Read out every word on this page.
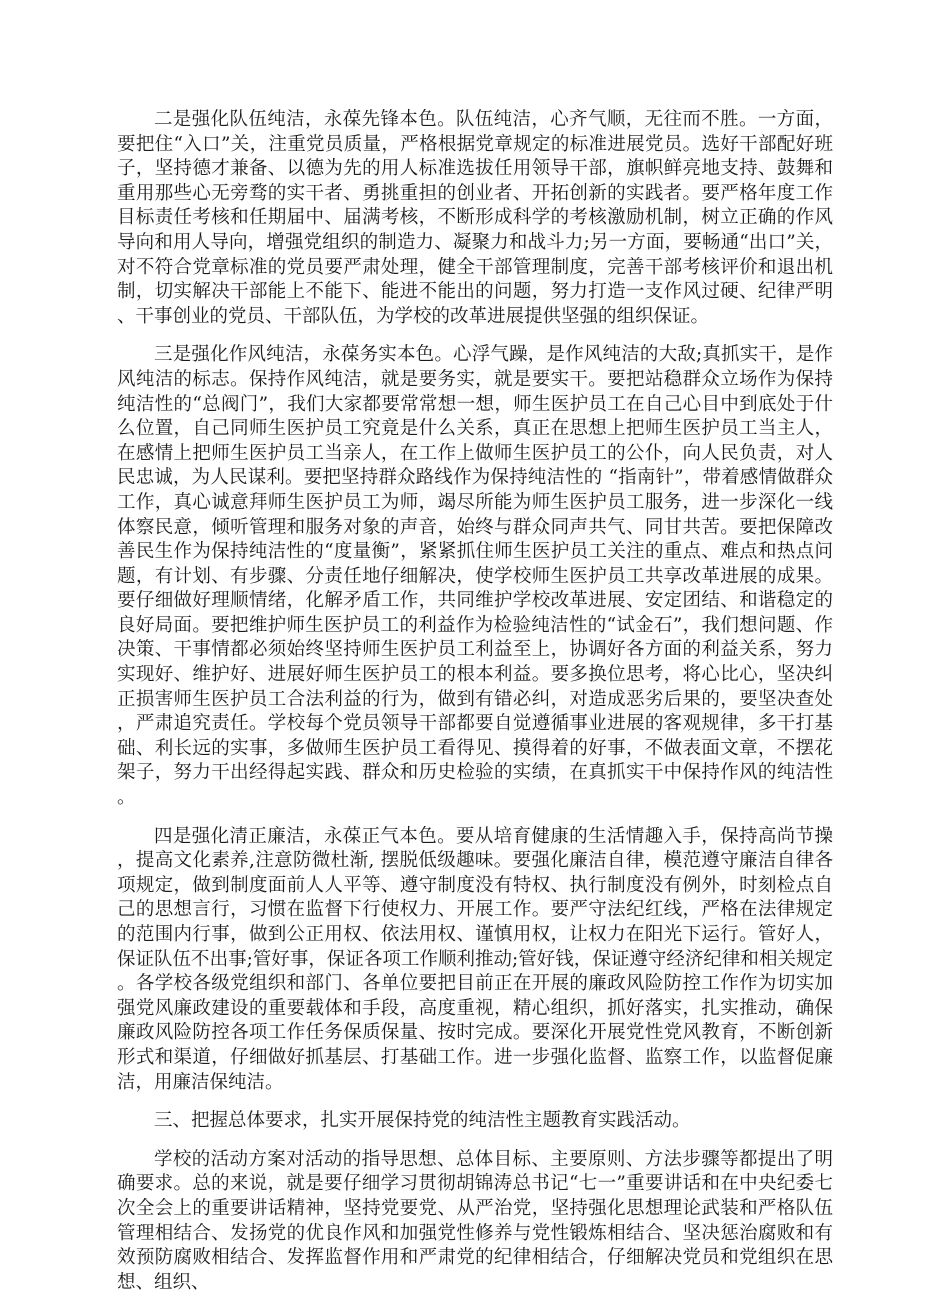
二是强化队伍纯洁，永葆先锋本色。队伍纯洁，心齐气顺，无往而不胜。一方面，要把住“入口”关，注重党员质量，严格根据党章规定的标准进展党员。选好干部配好班子，坚持德才兼备、以德为先的用人标准选拔任用领导干部，旗帜鲜亮地支持、鼓舞和重用那些心无旁骛的实干者、勇挑重担的创业者、开拓创新的实践者。要严格年度工作目标责任考核和任期届中、届满考核，不断形成科学的考核激励机制，树立正确的作风导向和用人导向，增强党组织的制造力、凝聚力和战斗力;另一方面，要畅通“出口”关，对不符合党章标准的党员要严肃处理，健全干部管理制度，完善干部考核评价和退出机制，切实解决干部能上不能下、能进不能出的问题，努力打造一支作风过硬、纪律严明、干事创业的党员、干部队伍，为学校的改革进展提供坚强的组织保证。

三是强化作风纯洁，永葆务实本色。心浮气躁，是作风纯洁的大敌;真抓实干，是作风纯洁的标志。保持作风纯洁，就是要务实，就是要实干。要把站稳群众立场作为保持纯洁性的“总阀门”，我们大家都要常常想一想，师生医护员工在自己心目中到底处于什么位置，自己同师生医护员工究竟是什么关系，真正在思想上把师生医护员工当主人，在感情上把师生医护员工当亲人，在工作上做师生医护员工的公仆，向人民负责，对人民忠诚，为人民谋利。要把坚持群众路线作为保持纯洁性的 “指南针”，带着感情做群众工作，真心诚意拜师生医护员工为师，竭尽所能为师生医护员工服务，进一步深化一线体察民意，倾听管理和服务对象的声音，始终与群众同声共气、同甘共苦。要把保障改善民生作为保持纯洁性的“度量衡”，紧紧抓住师生医护员工关注的重点、难点和热点问题，有计划、有步骤、分责任地仔细解决，使学校师生医护员工共享改革进展的成果。要仔细做好理顺情绪，化解矛盾工作，共同维护学校改革进展、安定团结、和谐稳定的良好局面。要把维护师生医护员工的利益作为检验纯洁性的“试金石”，我们想问题、作决策、干事情都必须始终坚持师生医护员工利益至上，协调好各方面的利益关系，努力实现好、维护好、进展好师生医护员工的根本利益。要多换位思考，将心比心，坚决纠正损害师生医护员工合法利益的行为，做到有错必纠，对造成恶劣后果的，要坚决查处，严肃追究责任。学校每个党员领导干部都要自觉遵循事业进展的客观规律，多干打基础、利长远的实事，多做师生医护员工看得见、摸得着的好事，不做表面文章，不摆花架子，努力干出经得起实践、群众和历史检验的实绩，在真抓实干中保持作风的纯洁性。

四是强化清正廉洁，永葆正气本色。要从培育健康的生活情趣入手，保持高尚节操，提高文化素养,注意防微杜渐, 摆脱低级趣味。要强化廉洁自律，模范遵守廉洁自律各项规定，做到制度面前人人平等、遵守制度没有特权、执行制度没有例外，时刻检点自己的思想言行，习惯在监督下行使权力、开展工作。要严守法纪红线，严格在法律规定的范围内行事，做到公正用权、依法用权、谨慎用权，让权力在阳光下运行。管好人，保证队伍不出事;管好事，保证各项工作顺利推动;管好钱，保证遵守经济纪律和相关规定。各学校各级党组织和部门、各单位要把目前正在开展的廉政风险防控工作作为切实加强党风廉政建设的重要载体和手段，高度重视，精心组织，抓好落实，扎实推动，确保廉政风险防控各项工作任务保质保量、按时完成。要深化开展党性党风教育，不断创新形式和渠道，仔细做好抓基层、打基础工作。进一步强化监督、监察工作，以监督促廉洁，用廉洁保纯洁。

三、把握总体要求，扎实开展保持党的纯洁性主题教育实践活动。

学校的活动方案对活动的指导思想、总体目标、主要原则、方法步骤等都提出了明确要求。总的来说，就是要仔细学习贯彻胡锦涛总书记“七一”重要讲话和在中央纪委七次全会上的重要讲话精神，坚持党要党、从严治党，坚持强化思想理论武装和严格队伍管理相结合、发扬党的优良作风和加强党性修养与党性锻炼相结合、坚决惩治腐败和有效预防腐败相结合、发挥监督作用和严肃党的纪律相结合，仔细解决党员和党组织在思想、组织、
